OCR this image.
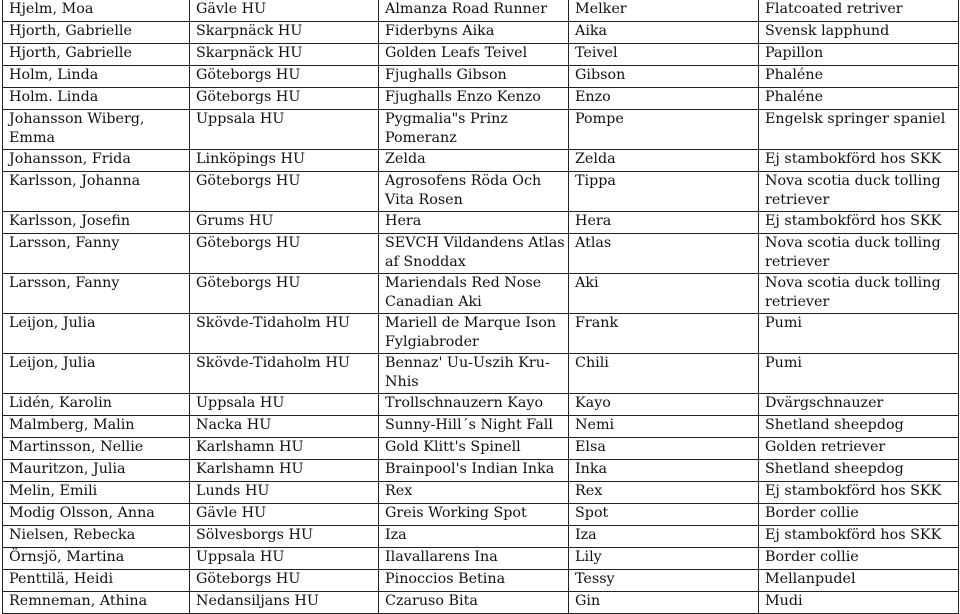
Hjelm, Moa	Gävle HU	Almanza Road Runner	Melker	Flatcoated retriver
Hjorth, Gabrielle	Skarpnäck HU	Fiderbyns Aika	Aika	Svensk lapphund
Hjorth, Gabrielle	Skarpnäck HU	Golden Leafs Teivel	Teivel	Papillon
Holm, Linda	Göteborgs HU	Fjughalls Gibson	Gibson	Phaléne
Holm. Linda	Göteborgs HU	Fjughalls Enzo Kenzo	Enzo	Phaléne
Johansson Wiberg, Emma	Uppsala HU	Pygmalia"s Prinz Pomeranz	Pompe	Engelsk springer spaniel
Johansson, Frida	Linköpings HU	Zelda	Zelda	Ej stambokförd hos SKK
Karlsson, Johanna	Göteborgs HU	Agrosofens Röda Och Vita Rosen	Tippa	Nova scotia duck tolling retriever
Karlsson, Josefin	Grums HU	Hera	Hera	Ej stambokförd hos SKK
Larsson, Fanny	Göteborgs HU	SEVCH Vildandens Atlas af Snoddax	Atlas	Nova scotia duck tolling retriever
Larsson, Fanny	Göteborgs HU	Mariendals Red Nose Canadian Aki	Aki	Nova scotia duck tolling retriever
Leijon, Julia	Skövde-Tidaholm HU	Mariell de Marque Ison Fylgiabroder	Frank	Pumi
Leijon, Julia	Skövde-Tidaholm HU	Bennaz' Uu-Uszih Kru-Nhis	Chili	Pumi
Lidén, Karolin	Uppsala HU	Trollschnauzern Kayo	Kayo	Dvärgschnauzer
Malmberg, Malin	Nacka HU	Sunny-Hill´s Night Fall	Nemi	Shetland sheepdog
Martinsson, Nellie	Karlshamn HU	Gold Klitt's Spinell	Elsa	Golden retriever
Mauritzon, Julia	Karlshamn HU	Brainpool's Indian Inka	Inka	Shetland sheepdog
Melin, Emili	Lunds HU	Rex	Rex	Ej stambokförd hos SKK
Modig Olsson, Anna	Gävle HU	Greis Working Spot	Spot	Border collie
Nielsen, Rebecka	Sölvesborgs HU	Iza	Iza	Ej stambokförd hos SKK
Örnsjö, Martina	Uppsala HU	Ilavallarens Ina	Lily	Border collie
Penttilä, Heidi	Göteborgs HU	Pinoccios Betina	Tessy	Mellanpudel
Remneman, Athina	Nedansiljans HU	Czaruso Bita	Gin	Mudi
